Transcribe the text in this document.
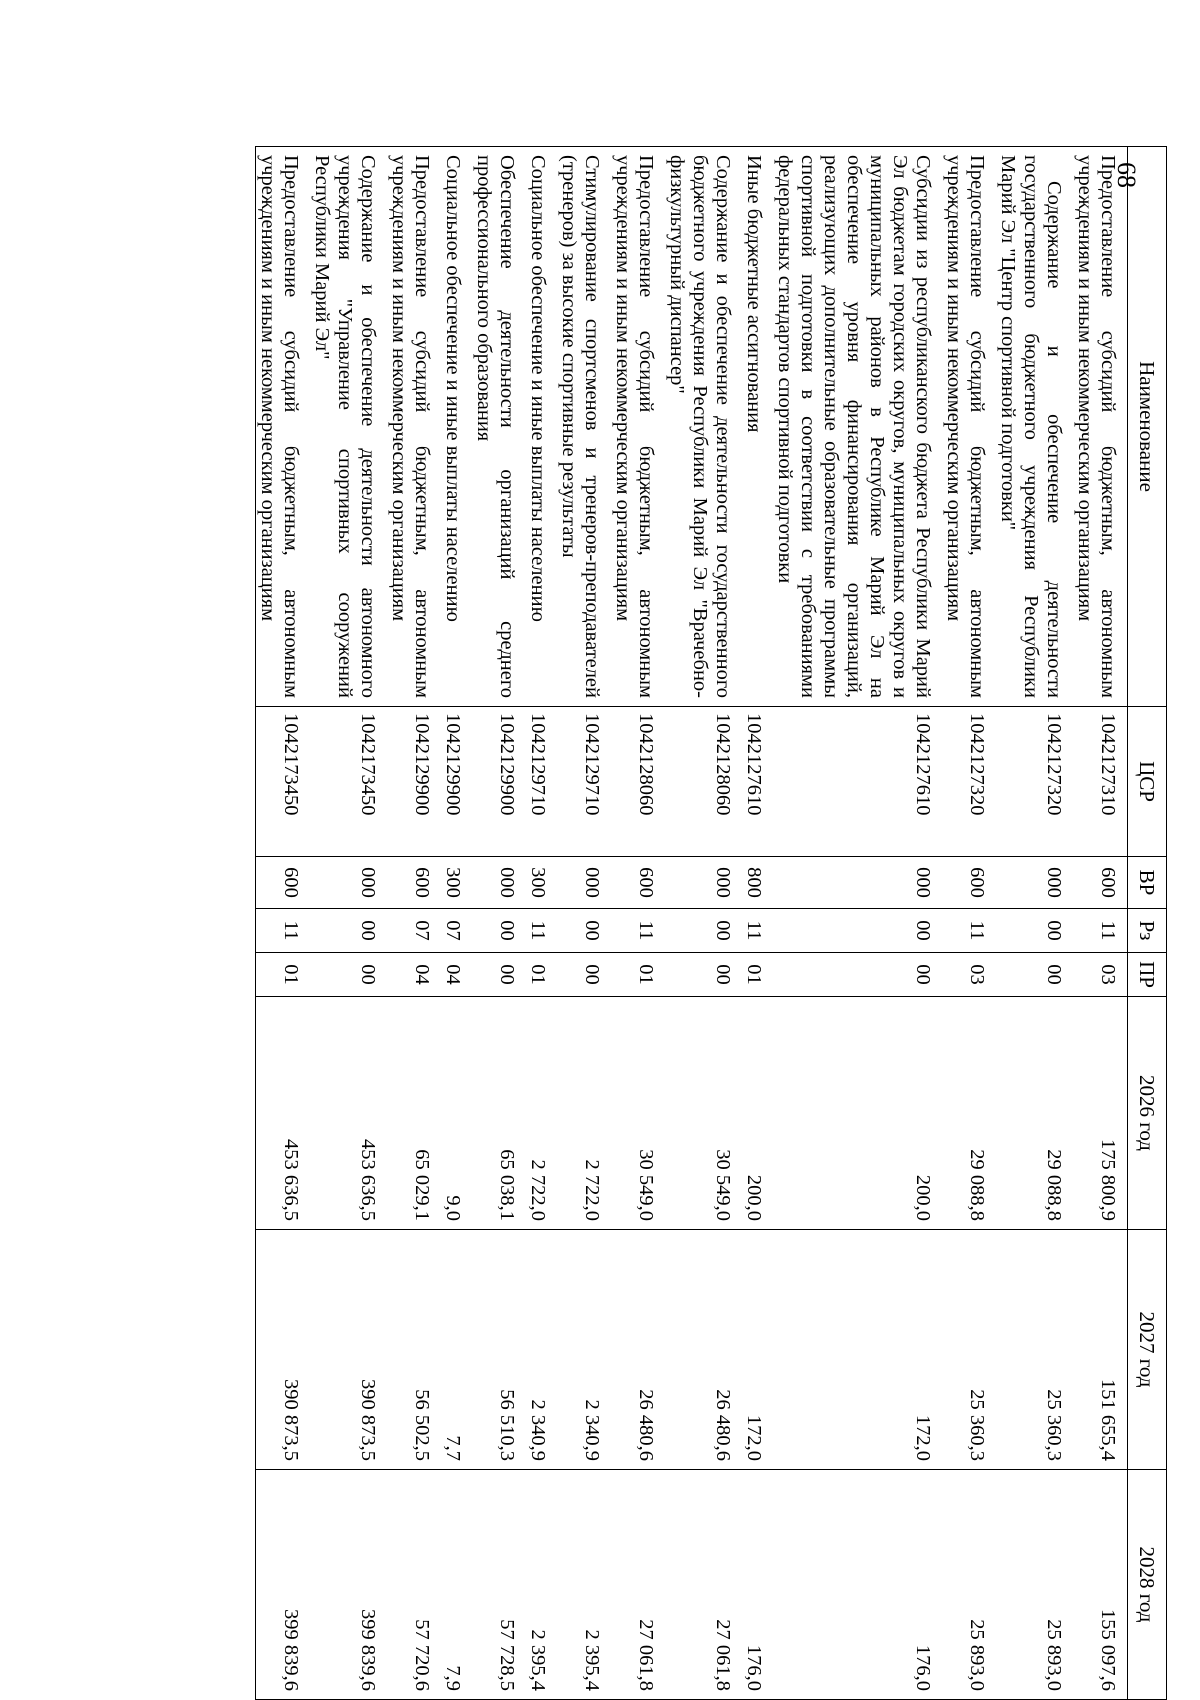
68
Наименование	ЦСР	ВР	Рз	ПР	2026 год	2027 год	2028 год
Предоставление субсидий бюджетным, автономным учреждениям и иным некоммерческим организациям	1042127310	600	11	03	175 800,9	151 655,4	155 097,6
Содержание и обеспечение деятельности государственного бюджетного учреждения Республики Марий Эл "Центр спортивной подготовки"	1042127320	000	00	00	29 088,8	25 360,3	25 893,0
Предоставление субсидий бюджетным, автономным учреждениям и иным некоммерческим организациям	1042127320	600	11	03	29 088,8	25 360,3	25 893,0
Субсидии из республиканского бюджета Республики Марий Эл бюджетам городских округов, муниципальных округов и муниципальных районов в Республике Марий Эл на обеспечение уровня финансирования организаций, реализующих дополнительные образовательные программы спортивной подготовки в соответствии с требованиями федеральных стандартов спортивной подготовки	1042127610	000	00	00	200,0	172,0	176,0
Иные бюджетные ассигнования	1042127610	800	11	01	200,0	172,0	176,0
Содержание и обеспечение деятельности государственного бюджетного учреждения Республики Марий Эл "Врачебно-физкультурный диспансер"	1042128060	000	00	00	30 549,0	26 480,6	27 061,8
Предоставление субсидий бюджетным, автономным учреждениям и иным некоммерческим организациям	1042128060	600	11	01	30 549,0	26 480,6	27 061,8
Стимулирование спортсменов и тренеров-преподавателей (тренеров) за высокие спортивные результаты	1042129710	000	00	00	2 722,0	2 340,9	2 395,4
Социальное обеспечение и иные выплаты населению	1042129710	300	11	01	2 722,0	2 340,9	2 395,4
Обеспечение деятельности организаций среднего профессионального образования	1042129900	000	00	00	65 038,1	56 510,3	57 728,5
Социальное обеспечение и иные выплаты населению	1042129900	300	07	04	9,0	7,7	7,9
Предоставление субсидий бюджетным, автономным учреждениям и иным некоммерческим организациям	1042129900	600	07	04	65 029,1	56 502,5	57 720,6
Содержание и обеспечение деятельности автономного учреждения "Управление спортивных сооружений Республики Марий Эл"	1042173450	000	00	00	453 636,5	390 873,5	399 839,6
Предоставление субсидий бюджетным, автономным учреждениям и иным некоммерческим организациям	1042173450	600	11	01	453 636,5	390 873,5	399 839,6
